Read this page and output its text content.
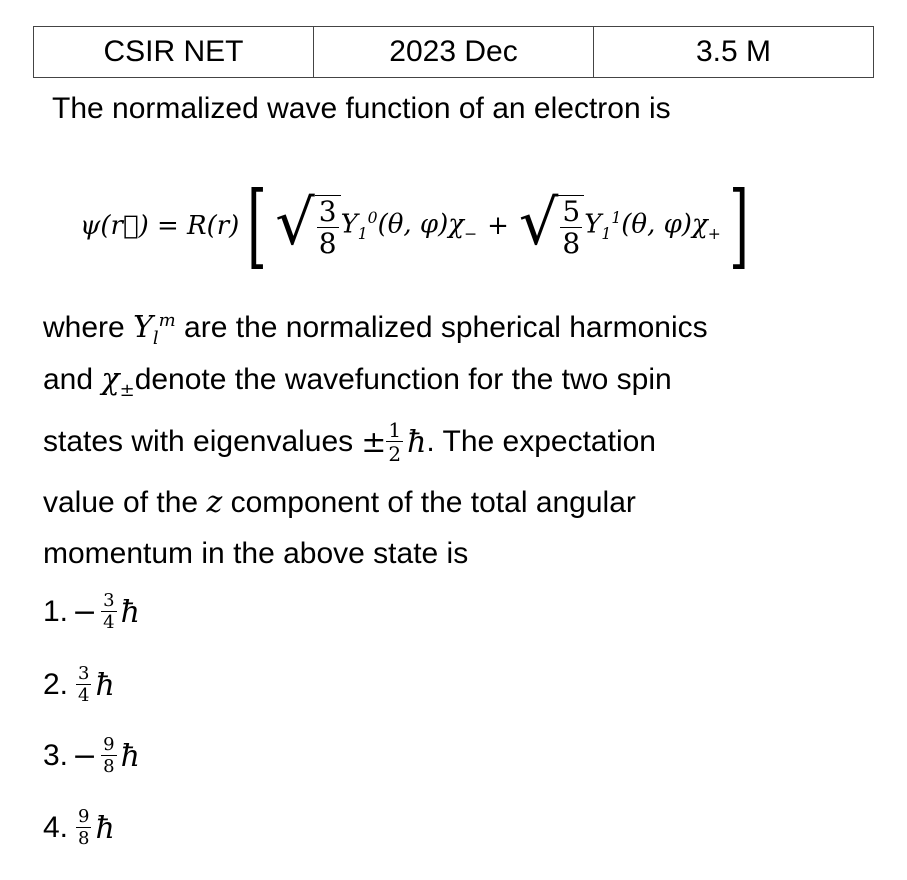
CSIR NET	2023 Dec	3.5 M
The normalized wave function of an electron is
ψ(r⃗) = R(r) [ √ $\frac{3}{8} Y_1^0(\theta$, $\varphi)\chi_-$ + √ $\frac{5}{8} Y_1^1(\theta$, $\varphi)\chi_+$ ]
where $Y_l^m$ are the normalized spherical harmonics
and $\chi_\pm denote$ the wavefunction for the two spin
states with eigenvalues ± $\frac{1}{2}$ ħ . The expectation
value of the z component of the total angular
momentum in the above state is
1. − $\frac{3}{4}$ ħ
2. $\frac{3}{4}$ ħ
3. − $\frac{9}{8}$ ħ
4. $\frac{9}{8}$ ħ
